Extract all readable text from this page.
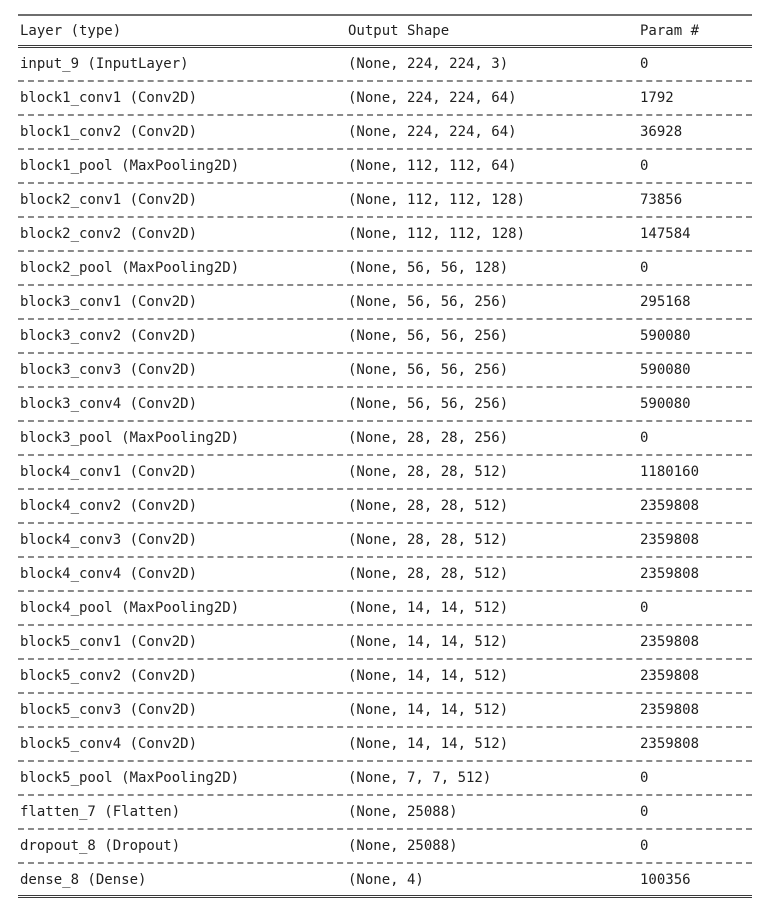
Layer (type)	Output Shape	Param #
input_9 (InputLayer)	(None, 224, 224, 3)	0
block1_conv1 (Conv2D)	(None, 224, 224, 64)	1792
block1_conv2 (Conv2D)	(None, 224, 224, 64)	36928
block1_pool (MaxPooling2D)	(None, 112, 112, 64)	0
block2_conv1 (Conv2D)	(None, 112, 112, 128)	73856
block2_conv2 (Conv2D)	(None, 112, 112, 128)	147584
block2_pool (MaxPooling2D)	(None, 56, 56, 128)	0
block3_conv1 (Conv2D)	(None, 56, 56, 256)	295168
block3_conv2 (Conv2D)	(None, 56, 56, 256)	590080
block3_conv3 (Conv2D)	(None, 56, 56, 256)	590080
block3_conv4 (Conv2D)	(None, 56, 56, 256)	590080
block3_pool (MaxPooling2D)	(None, 28, 28, 256)	0
block4_conv1 (Conv2D)	(None, 28, 28, 512)	1180160
block4_conv2 (Conv2D)	(None, 28, 28, 512)	2359808
block4_conv3 (Conv2D)	(None, 28, 28, 512)	2359808
block4_conv4 (Conv2D)	(None, 28, 28, 512)	2359808
block4_pool (MaxPooling2D)	(None, 14, 14, 512)	0
block5_conv1 (Conv2D)	(None, 14, 14, 512)	2359808
block5_conv2 (Conv2D)	(None, 14, 14, 512)	2359808
block5_conv3 (Conv2D)	(None, 14, 14, 512)	2359808
block5_conv4 (Conv2D)	(None, 14, 14, 512)	2359808
block5_pool (MaxPooling2D)	(None, 7, 7, 512)	0
flatten_7 (Flatten)	(None, 25088)	0
dropout_8 (Dropout)	(None, 25088)	0
dense_8 (Dense)	(None, 4)	100356
